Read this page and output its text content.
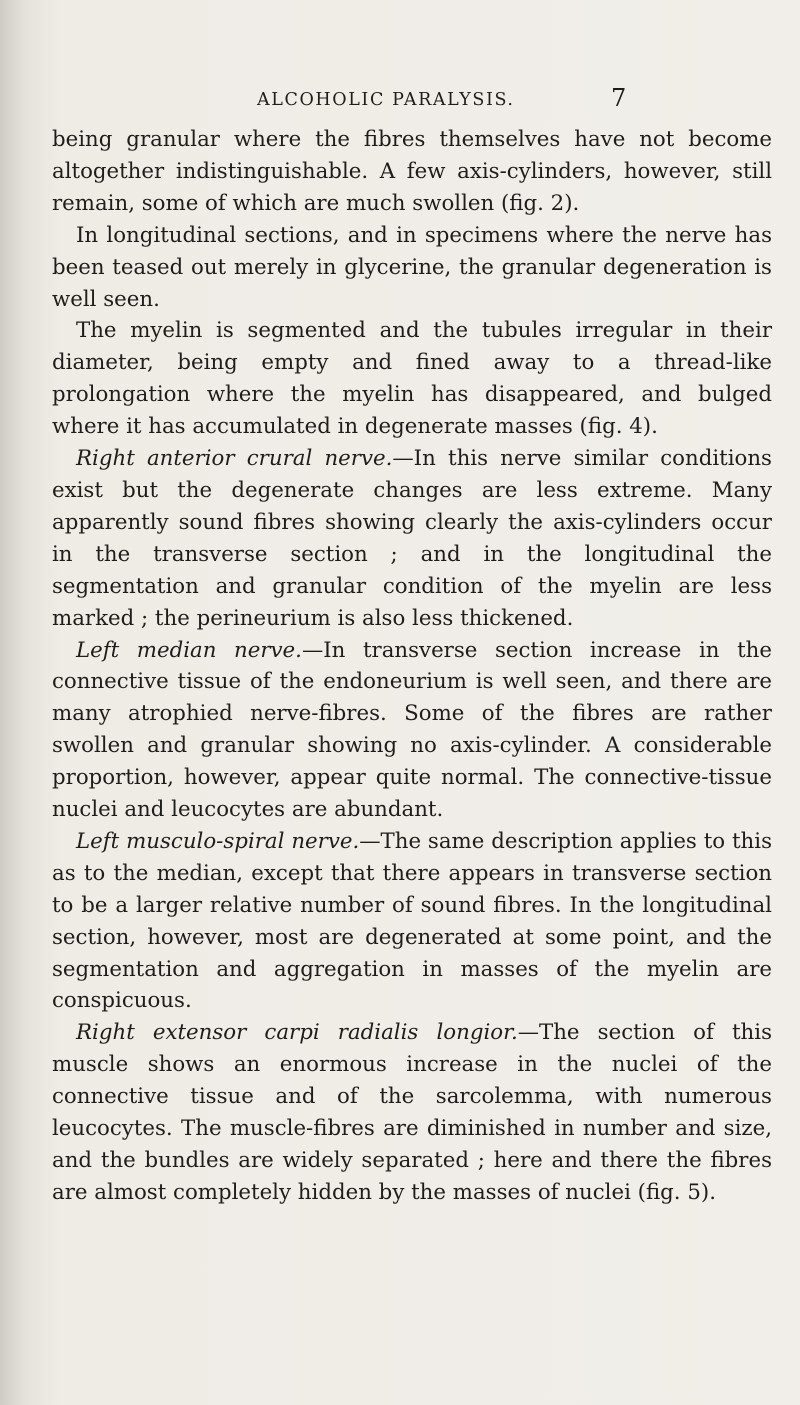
ALCOHOLIC PARALYSIS.	7

being granular where the fibres themselves have not become altogether indistinguishable. A few axis-cylinders, however, still remain, some of which are much swollen (fig. 2).

In longitudinal sections, and in specimens where the nerve has been teased out merely in glycerine, the granular degeneration is well seen.

The myelin is segmented and the tubules irregular in their diameter, being empty and fined away to a thread-like prolongation where the myelin has disappeared, and bulged where it has accumulated in degenerate masses (fig. 4).

Right anterior crural nerve.—In this nerve similar conditions exist but the degenerate changes are less extreme. Many apparently sound fibres showing clearly the axis-cylinders occur in the transverse section ; and in the longitudinal the segmentation and granular condition of the myelin are less marked ; the perineurium is also less thickened.

Left median nerve.—In transverse section increase in the connective tissue of the endoneurium is well seen, and there are many atrophied nerve-fibres. Some of the fibres are rather swollen and granular showing no axis-cylinder. A considerable proportion, however, appear quite normal. The connective-tissue nuclei and leucocytes are abundant.

Left musculo-spiral nerve.—The same description applies to this as to the median, except that there appears in transverse section to be a larger relative number of sound fibres. In the longitudinal section, however, most are degenerated at some point, and the segmentation and aggregation in masses of the myelin are conspicuous.

Right extensor carpi radialis longior.—The section of this muscle shows an enormous increase in the nuclei of the connective tissue and of the sarcolemma, with numerous leucocytes. The muscle-fibres are diminished in number and size, and the bundles are widely separated ; here and there the fibres are almost completely hidden by the masses of nuclei (fig. 5).
